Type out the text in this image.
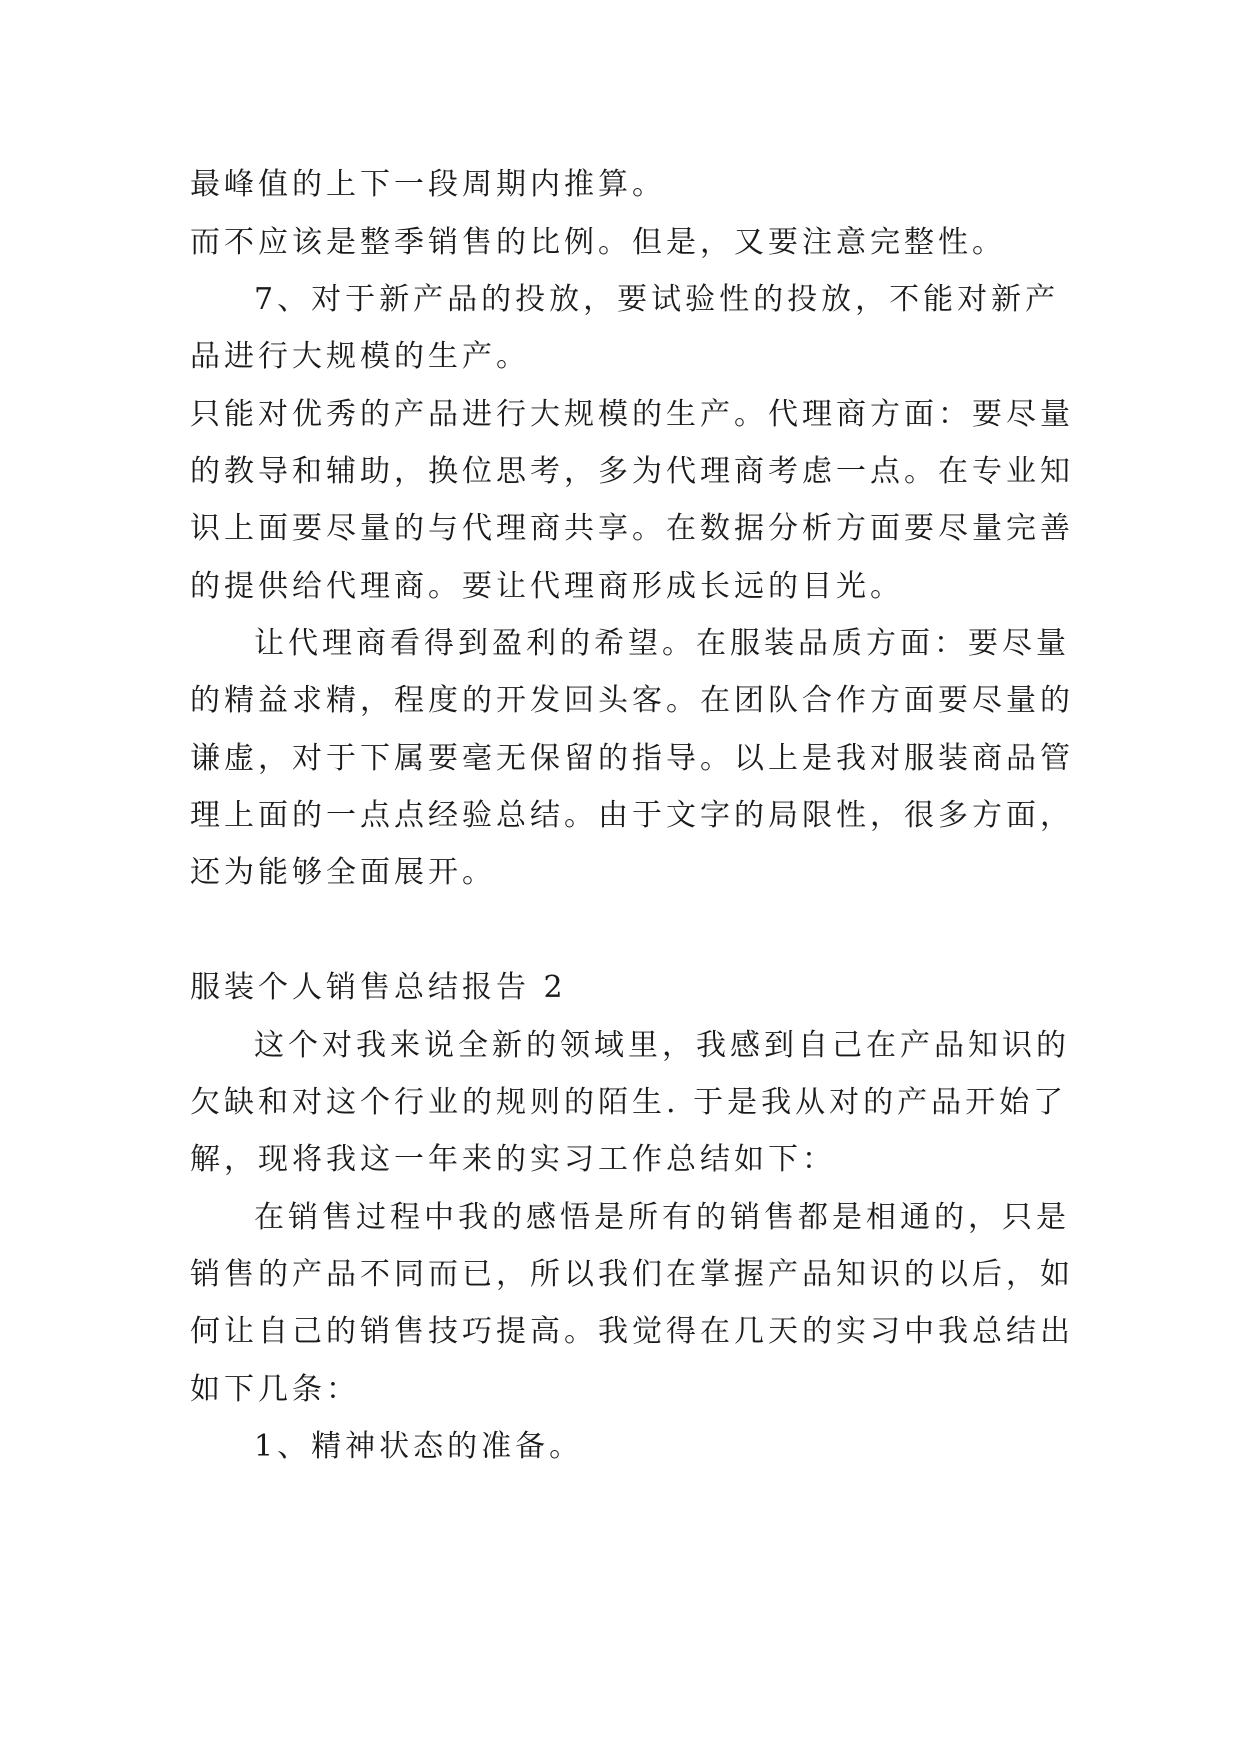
最峰值的上下一段周期内推算。
而不应该是整季销售的比例。但是，又要注意完整性。
7、对于新产品的投放，要试验性的投放，不能对新产
品进行大规模的生产。
只能对优秀的产品进行大规模的生产。代理商方面：要尽量
的教导和辅助，换位思考，多为代理商考虑一点。在专业知
识上面要尽量的与代理商共享。在数据分析方面要尽量完善
的提供给代理商。要让代理商形成长远的目光。
让代理商看得到盈利的希望。在服装品质方面：要尽量
的精益求精，程度的开发回头客。在团队合作方面要尽量的
谦虚，对于下属要毫无保留的指导。以上是我对服装商品管
理上面的一点点经验总结。由于文字的局限性，很多方面，
还为能够全面展开。
服装个人销售总结报告 2
这个对我来说全新的领域里，我感到自己在产品知识的
欠缺和对这个行业的规则的陌生. 于是我从对的产品开始了
解，现将我这一年来的实习工作总结如下：
在销售过程中我的感悟是所有的销售都是相通的，只是
销售的产品不同而已，所以我们在掌握产品知识的以后，如
何让自己的销售技巧提高。我觉得在几天的实习中我总结出
如下几条：
1、精神状态的准备。
